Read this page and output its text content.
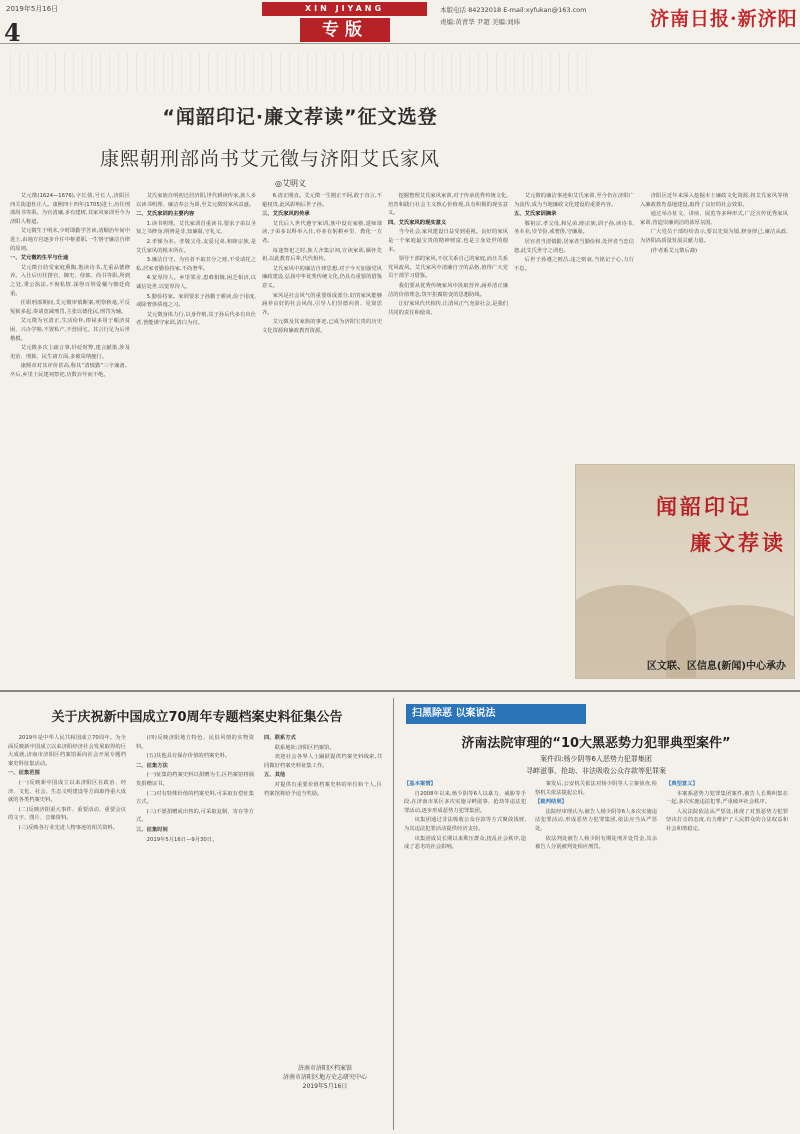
2019年5月16日
4
XIN JIYANG
专版
本版电话 84232018 E-mail:xyfukan@163.com
责编:黄青华 尹超 美编:刘炜	济南日报·新济阳
“闻韶印记·廉文荐读”征文选登
康熙朝刑部尚书艾元徵与济阳艾氏家风
◎艾明义

艾元徵(1624—1676),字长倩,号长人,济阳区西关街道杜庄人。康熙四十四年(1705)进士,历任刑部尚书等职。为官清廉,多有建树,其家风家训至今为济阳人称道。

艾元徵生于明末,少时即勤学苦读,清顺治年间中进士,由地方官逐步升任中枢要职,一生恪守廉洁自律的原则。

一、艾元徵的生平与仕途

艾元徵自幼受家庭熏陶,饱读诗书,尤重品德修养。入仕后历任推官、御史、侍郎、尚书等职,所到之处,秉公执法,不徇私情,深得百姓爱戴与朝廷倚重。

任职刑部期间,艾元徵审慎断案,明察秋毫,平反冤狱多起,奏请宽减刑罚,主张以德化民,刑罚为辅。

艾元徵为官清正,生活俭朴,俸禄多用于赈济贫困、兴办学塾,不置私产,不营园宅。其言行足为后世楷模。

艾元徵多次上疏言事,针砭时弊,建言献策,涉及吏治、刑狱、民生诸方面,多被采纳施行。

康熙帝对其评价甚高,称其“清慎勤”三字兼备。卒后,乡里士民建祠祭祀,历数百年而不绝。

艾氏家族自明初迁居济阳,世代耕读传家,族人多以读书明理、廉洁奉公为训,至艾元徵时家风益盛。

二、艾氏家训的主要内容

1.读书明理。艾氏家训首重读书,要求子弟以圣贤之书修身,明辨是非,知廉耻,守礼义。

2.孝悌为本。孝敬父母,友爱兄弟,和睦宗族,是艾氏家风的根本所在。

3.廉洁自守。为官者不取非分之财,不受请托之私,居家者勤俭持家,不尚奢华。

4.宽厚待人。乡里邻舍,患难相恤,困乏相济,以诚信处世,以宽厚待人。

5.勤俭持家。家训要求子孙勤于耕读,俭于用度,戒除奢侈骄逸之习。

艾元徵身体力行,以身作则,其子孙后代多有出仕者,皆能谨守家训,清白为官。

6.清正刚直。艾元徵一生刚正不阿,敢于直言,不避权贵,此风影响后世子孙。

三、艾氏家风的传承

艾氏后人世代遵守家训,族中设有家塾,延师课读,子弟多以科举入仕,亦多有躬耕乡里、教化一方者。

每逢祭祀之时,族人齐集宗祠,宣读家训,缅怀先祖,以此教育后辈,代代相传。

艾氏家风中的廉洁自律思想,对于今天加强党风廉政建设,弘扬中华优秀传统文化,仍具有重要的借鉴意义。

家风是社会风气的重要组成部分,好的家风能够涵养良好的社会风尚,引导人们崇德向善、见贤思齐。

艾元徵及其家族的事迹,已成为济阳宝贵的历史文化资源和廉政教育资源。

挖掘整理艾氏家风家训,对于传承优秀传统文化,培育和践行社会主义核心价值观,具有积极的现实意义。

四、艾氏家风的现实意义

当今社会,家风建设日益受到重视。良好的家风是一个家庭最宝贵的精神财富,也是立身处世的根本。

领导干部的家风,不仅关系自己的家庭,而且关系党风政风。艾氏家风中清廉自守的品格,值得广大党员干部学习借鉴。

我们要从优秀传统家风中汲取营养,涵养清正廉洁的价值理念,筑牢拒腐防变的思想防线。

让好家风代代相传,让清风正气充盈社会,是我们共同的责任和使命。

艾元徵的廉洁事迹和艾氏家训,至今仍在济阳广为流传,成为当地廉政文化建设的重要内容。

五、艾氏家训摘录

敬祖宗,孝父母,和兄弟,睦宗族,训子孙,读诗书,务本业,崇节俭,戒奢侈,守廉耻。

居官者当清慎勤,居家者当勤俭和,处世者当忠信恕,此艾氏世守之训也。

后世子孙遵之则昌,违之则衰,当铭记于心,力行不怠。

济阳区近年来深入挖掘本土廉政文化资源,将艾氏家风等纳入廉政教育基地建设,取得了良好的社会效果。

通过举办征文、讲座、展览等多种形式,广泛宣传优秀家风家训,营造崇廉尚洁的浓厚氛围。

广大党员干部纷纷表示,要以先贤为镜,修身律己,廉洁从政,为济阳高质量发展贡献力量。

(作者系艾元徵后裔)

闻韶印记
廉文荐读
区文联、区信息(新闻)中心承办
关于庆祝新中国成立70周年专题档案史料征集公告

2019年是中华人民共和国成立70周年。为全面反映新中国成立以来济阳经济社会发展取得的巨大成就,济南市济阳区档案馆面向社会开展专题档案史料征集活动。

一、征集范围

(一)反映新中国成立以来济阳区在政治、经济、文化、社会、生态文明建设等方面取得重大成就的各类档案史料。

(二)反映济阳重大事件、重要活动、重要会议的文字、图片、音像资料。

(三)反映各行业先进人物事迹的相关资料。

(四)反映济阳地方特色、民俗风情的实物资料。

(五)其他具有保存价值的档案史料。

二、征集方法

(一)征集的档案史料以捐赠为主,区档案馆将颁发捐赠证书。

(二)对有特殊价值的档案史料,可采取有偿征集方式。

(三)不愿捐赠或出售的,可采取复制、寄存等方式。

三、征集时间

2019年5月16日—9月30日。

四、联系方式

联系地址:济阳区档案馆。

欢迎社会各界人士踊跃提供档案史料线索,共同做好档案史料征集工作。

五、其他

对提供有重要价值档案史料的单位和个人,区档案馆将给予适当奖励。

济南市济阳区档案馆
济南市济阳区地方史志研究中心
2019年5月16日
扫黑除恶 以案说法
济南法院审理的“10大黑恶势力犯罪典型案件”
案件四:杨少阴等6人恶势力犯罪集团
寻衅滋事、抢劫、非法吸收公众存款等犯罪案

【基本案情】

自2008年以来,杨少阴等6人以暴力、威胁等手段,在济南市某区多次实施寻衅滋事、抢劫等违法犯罪活动,逐步形成恶势力犯罪集团。

该集团通过非法吸收公众存款等方式聚敛钱财,为其违法犯罪活动提供经济支持。

该集团成员长期以来欺压群众,扰乱社会秩序,造成了恶劣的社会影响。

案发后,公安机关依法对杨少阴等人立案侦查,检察机关依法提起公诉。

【裁判结果】

法院经审理认为,被告人杨少阴等6人多次实施违法犯罪活动,形成恶势力犯罪集团,依法应当从严惩处。

依法判处被告人杨少阴有期徒刑并处罚金,其余被告人分别被判处相应刑罚。

【典型意义】

本案系恶势力犯罪集团案件,被告人长期纠集在一起,多次实施违法犯罪,严重破坏社会秩序。

人民法院依法从严惩处,体现了对黑恶势力犯罪坚决打击的态度,有力维护了人民群众的合法权益和社会和谐稳定。
